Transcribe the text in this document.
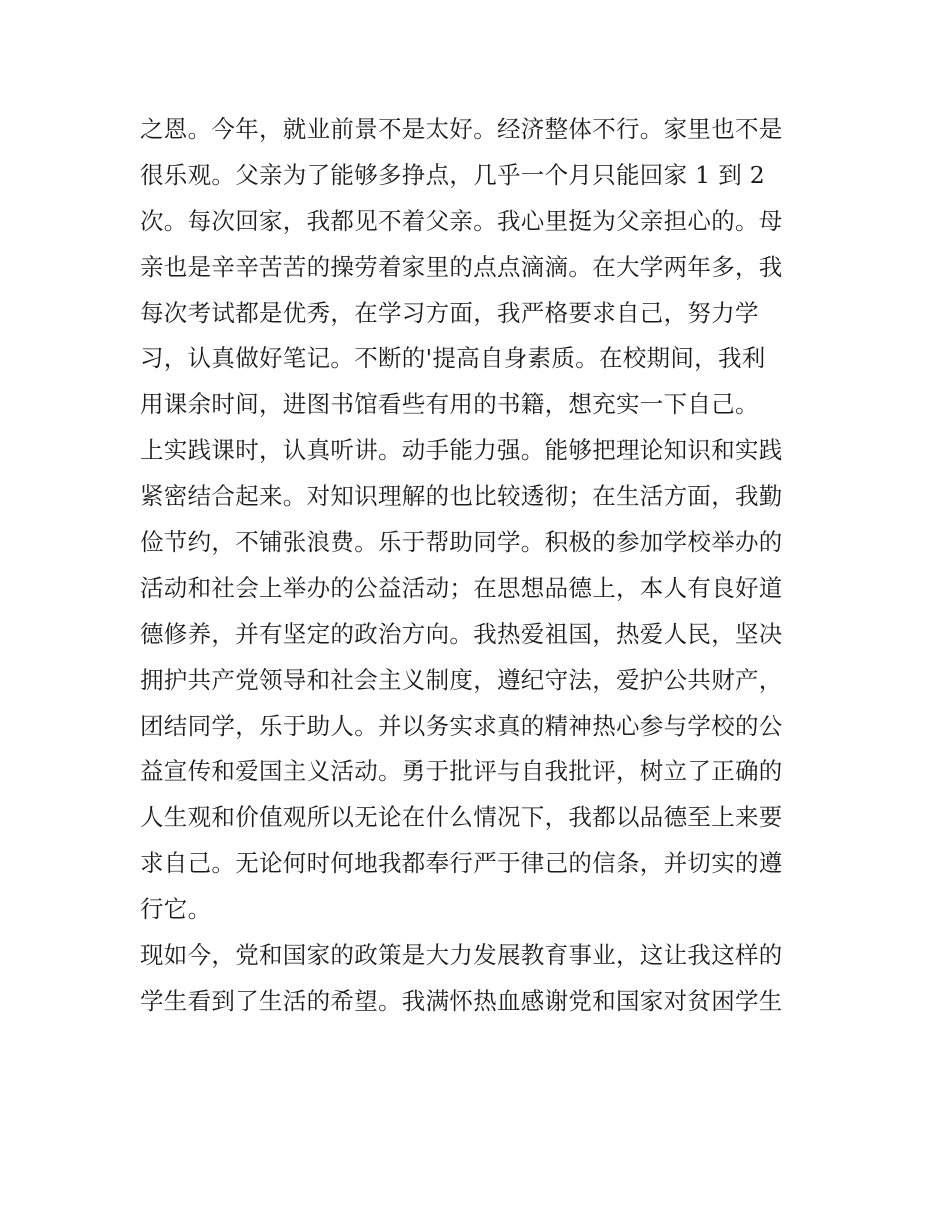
之恩。今年，就业前景不是太好。经济整体不行。家里也不是
很乐观。父亲为了能够多挣点，几乎一个月只能回家 1 到 2
次。每次回家，我都见不着父亲。我心里挺为父亲担心的。母
亲也是辛辛苦苦的操劳着家里的点点滴滴。在大学两年多，我
每次考试都是优秀，在学习方面，我严格要求自己，努力学
习，认真做好笔记。不断的'提高自身素质。在校期间，我利
用课余时间，进图书馆看些有用的书籍，想充实一下自己。
上实践课时，认真听讲。动手能力强。能够把理论知识和实践
紧密结合起来。对知识理解的也比较透彻；在生活方面，我勤
俭节约，不铺张浪费。乐于帮助同学。积极的参加学校举办的
活动和社会上举办的公益活动；在思想品德上，本人有良好道
德修养，并有坚定的政治方向。我热爱祖国，热爱人民，坚决
拥护共产党领导和社会主义制度，遵纪守法，爱护公共财产，
团结同学，乐于助人。并以务实求真的精神热心参与学校的公
益宣传和爱国主义活动。勇于批评与自我批评，树立了正确的
人生观和价值观所以无论在什么情况下，我都以品德至上来要
求自己。无论何时何地我都奉行严于律己的信条，并切实的遵
行它。
现如今，党和国家的政策是大力发展教育事业，这让我这样的
学生看到了生活的希望。我满怀热血感谢党和国家对贫困学生
